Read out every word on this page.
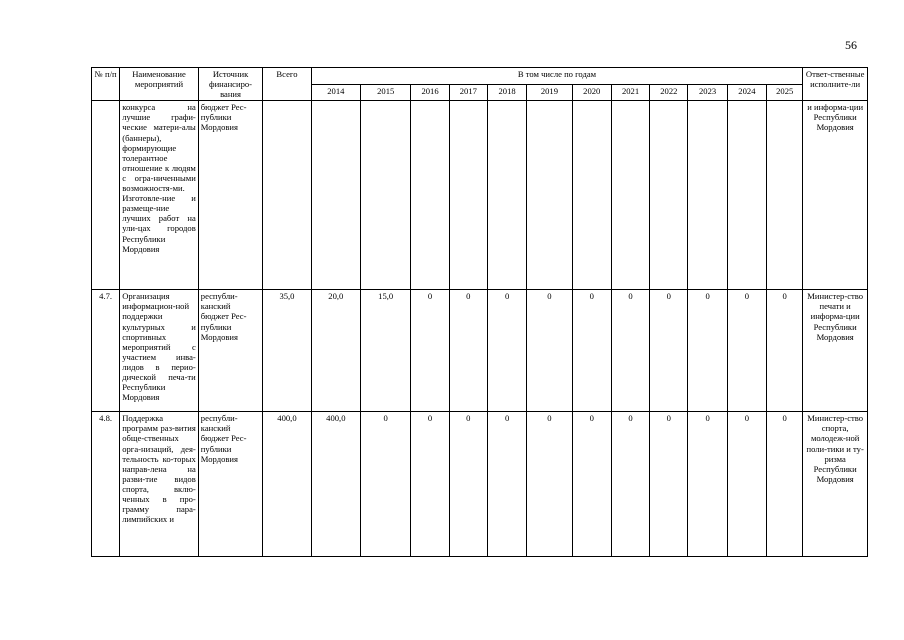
56
№ п/п	Наименование мероприятий	Источник финансиро-вания	Всего	В том числе по годам												Ответ-ственные исполните-ли
				2014	2015	2016	2017	2018	2019	2020	2021	2022	2023	2024	2025	
	конкурса на лучшие графи-ческие матери-алы (баннеры), формирующие толерантное отношение к людям с огра-ниченными возможностя-ми. Изготовле-ние и размеще-ние лучших работ на ули-цах городов Республики Мордовия	бюджет Рес-публики Мордовия														и информа-ции Республики Мордовия
4.7.	Организация информацион-ной поддержки культурных и спортивных мероприятий с участием инва-лидов в перио-дической печа-ти Республики Мордовия	республи-канский бюджет Рес-публики Мордовия	35,0	20,0	15,0	0	0	0	0	0	0	0	0	0	0	Министер-ство печати и информа-ции Республики Мордовия
4.8.	Поддержка программ раз-вития обще-ственных орга-низаций, дея-тельность ко-торых направ-лена на разви-тие видов спорта, вклю-ченных в про-грамму пара-лимпийских и	республи-канский бюджет Рес-публики Мордовия	400,0	400,0	0	0	0	0	0	0	0	0	0	0	0	Министер-ство спорта, молодеж-ной поли-тики и ту-ризма Республики Мордовия
